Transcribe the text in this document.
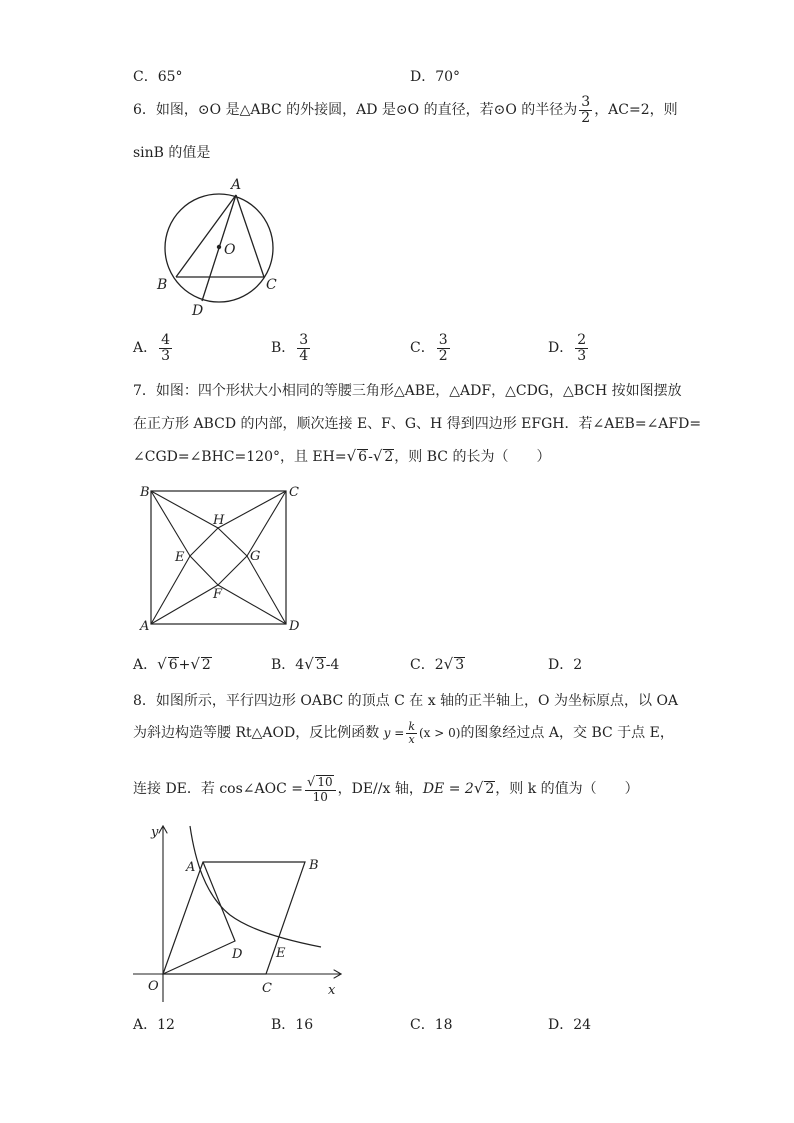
C．65°	D．70°
6．如图，⊙O 是△ABC 的外接圆，AD 是⊙O 的直径，若⊙O 的半径为 $\frac{3}{2}$ ，AC=2，则
sinB 的值是
A
O
B	C
D
A． $\frac{4}{3}$	B． $\frac{3}{4}$	C． $\frac{3}{2}$	D． $\frac{2}{3}$
7．如图：四个形状大小相同的等腰三角形△ABE，△ADF，△CDG，△BCH 按如图摆放
在正方形 ABCD 的内部，顺次连接 E、F、G、H 得到四边形 EFGH．若∠AEB=∠AFD=
∠CGD=∠BHC=120°，且 EH=√ 6-√ 2，则 BC 的长为（　　）
B	C
A	D
H
E	G
F
A．√ 6+√ 2	B．4√ 3-4	C．2√ 3	D．2
8．如图所示，平行四边形 OABC 的顶点 C 在 x 轴的正半轴上，O 为坐标原点，以 OA
为斜边构造等腰 Rt△AOD，反比例函数 $y = \frac{k}{x} (x > 0)$的图象经过点 A，交 BC 于点 E，
连接 DE．若 cos∠AOC = $\frac{√ 10}{10}$ ，DE//x 轴，DE = 2√ 2，则 k 的值为（　　）
y
A	B
D	E
O	C	x
A．12	B．16	C．18	D．24
